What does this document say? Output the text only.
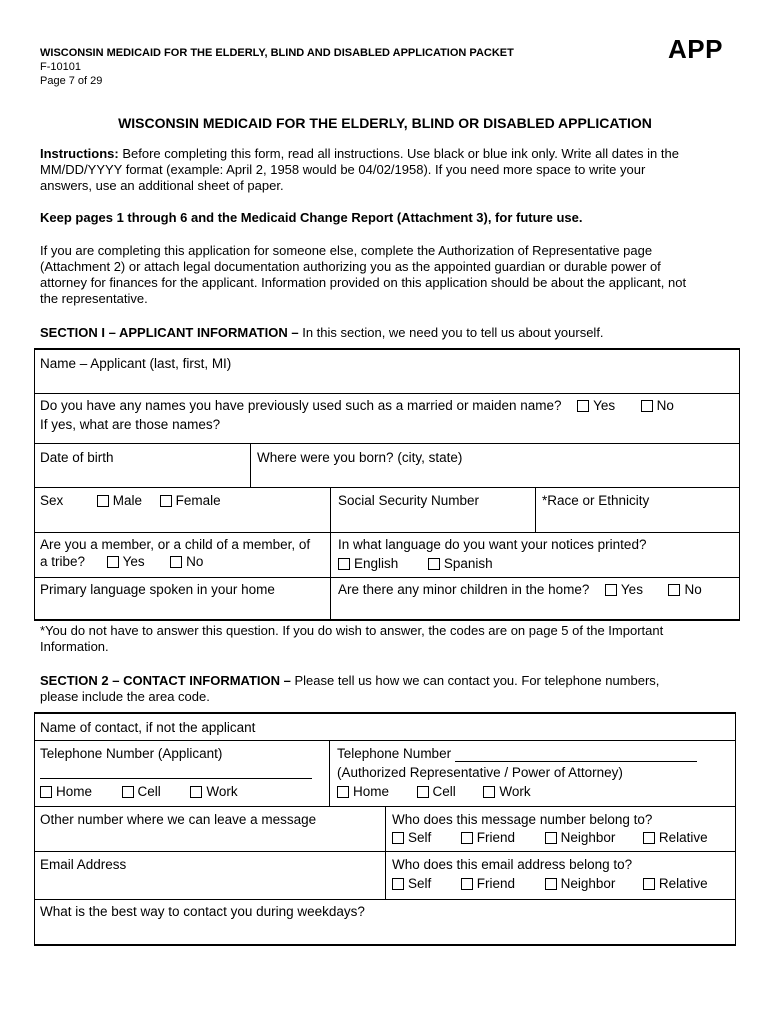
WISCONSIN MEDICAID FOR THE ELDERLY, BLIND AND DISABLED APPLICATION PACKET
F-10101
Page 7 of 29
APP
WISCONSIN MEDICAID FOR THE ELDERLY, BLIND OR DISABLED APPLICATION
Instructions: Before completing this form, read all instructions. Use black or blue ink only. Write all dates in the
MM/DD/YYYY format (example: April 2, 1958 would be 04/02/1958). If you need more space to write your
answers, use an additional sheet of paper.
Keep pages 1 through 6 and the Medicaid Change Report (Attachment 3), for future use.
If you are completing this application for someone else, complete the Authorization of Representative page
(Attachment 2) or attach legal documentation authorizing you as the appointed guardian or durable power of
attorney for finances for the applicant. Information provided on this application should be about the applicant, not
the representative.
SECTION I – APPLICANT INFORMATION – In this section, we need you to tell us about yourself.
Name – Applicant (last, first, MI)
Do you have any names you have previously used such as a married or maiden name? Yes	No
If yes, what are those names?
Date of birth	Where were you born? (city, state)
Sex	Male Female	Social Security Number	*Race or Ethnicity
Are you a member, or a child of a member, of
a tribe?	Yes	No
In what language do you want your notices printed?
English	Spanish
Primary language spoken in your home	Are there any minor children in the home? Yes	No
*You do not have to answer this question. If you do wish to answer, the codes are on page 5 of the Important
Information.
SECTION 2 – CONTACT INFORMATION – Please tell us how we can contact you. For telephone numbers,
please include the area code.
Name of contact, if not the applicant
Telephone Number (Applicant)
Home	Cell	Work
Telephone Number
(Authorized Representative / Power of Attorney)
Home	Cell	Work
Other number where we can leave a message	Who does this message number belong to?
Self	Friend	Neighbor	Relative
Email Address	Who does this email address belong to?
Self	Friend	Neighbor	Relative
What is the best way to contact you during weekdays?
